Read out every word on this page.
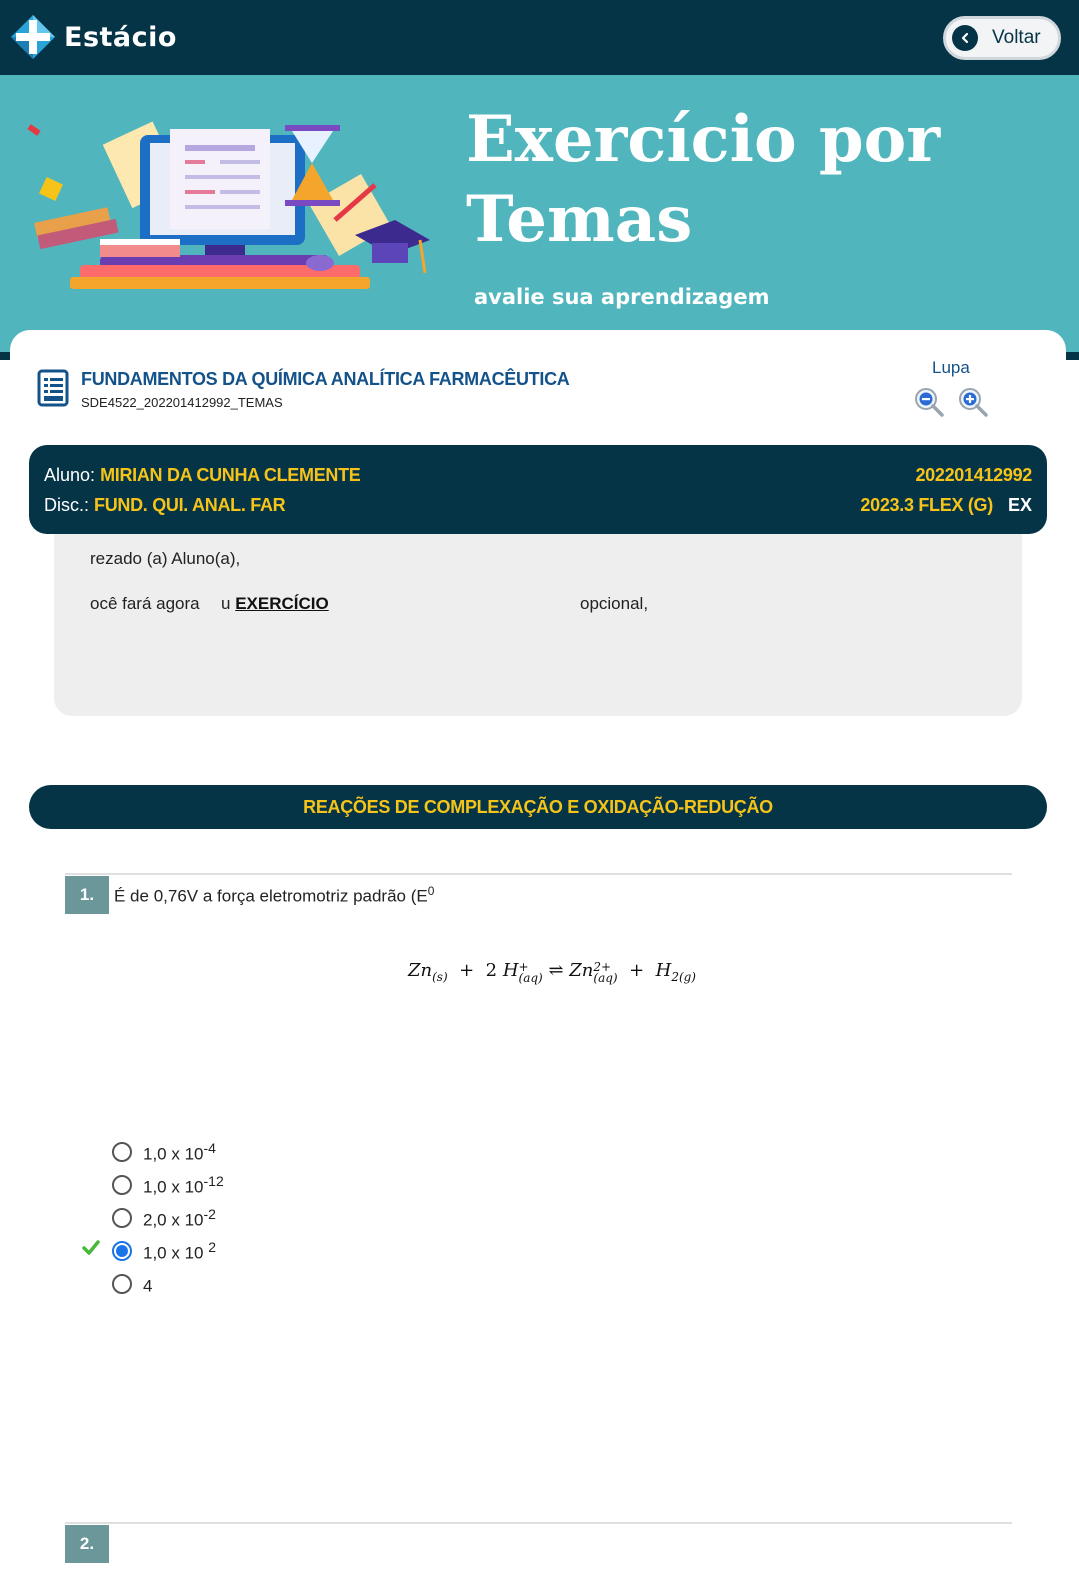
Estácio	Voltar
Exercício por
Temas
avalie sua aprendizagem
FUNDAMENTOS DA QUÍMICA ANALÍTICA FARMACÊUTICA
SDE4522_202201412992_TEMAS
Lupa
Aluno: MIRIAN DA CUNHA CLEMENTE	202201412992
Disc.: FUND. QUI. ANAL. FAR	2023.3 FLEX (G) EX
rezado (a) Aluno(a),
ocê fará agora u EXERCÍCIO	opcional,
REAÇÕES DE COMPLEXAÇÃO E OXIDAÇÃO-REDUÇÃO
1.	É de 0,76V a força eletromotriz padrão ($E^0$
$Zn_{(s)} + 2$ H +
(aq) ⇌ Zn 2+
$(aq) + H_{2(g)}$
1,0 x $10^{-4}$
1,0 x $10^{-12}$
2,0 x $10^{-2}$
1,0 x 10 $^2$
4
2.
